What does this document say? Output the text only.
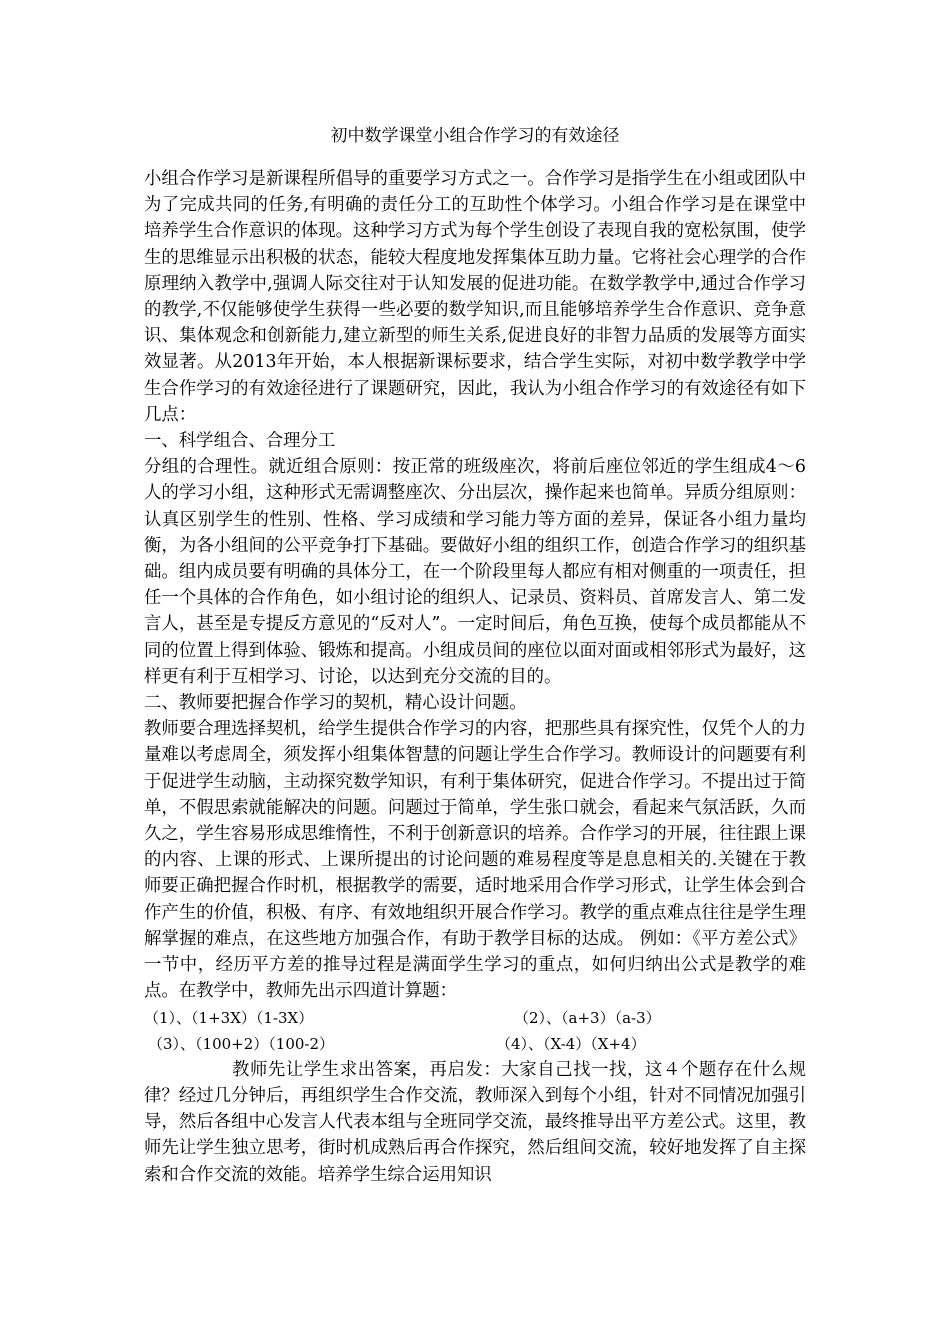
初中数学课堂小组合作学习的有效途径

小组合作学习是新课程所倡导的重要学习方式之一。合作学习是指学生在小组或团队中为了完成共同的任务,有明确的责任分工的互助性个体学习。小组合作学习是在课堂中培养学生合作意识的体现。这种学习方式为每个学生创设了表现自我的宽松氛围，使学生的思维显示出积极的状态，能较大程度地发挥集体互助力量。它将社会心理学的合作原理纳入教学中,强调人际交往对于认知发展的促进功能。在数学教学中,通过合作学习的教学,不仅能够使学生获得一些必要的数学知识,而且能够培养学生合作意识、竞争意识、集体观念和创新能力,建立新型的师生关系,促进良好的非智力品质的发展等方面实效显著。从2013年开始，本人根据新课标要求，结合学生实际，对初中数学教学中学生合作学习的有效途径进行了课题研究，因此，我认为小组合作学习的有效途径有如下几点：

一、科学组合、合理分工

分组的合理性。就近组合原则：按正常的班级座次，将前后座位邻近的学生组成4～6 人的学习小组，这种形式无需调整座次、分出层次，操作起来也简单。异质分组原则：认真区别学生的性别、性格、学习成绩和学习能力等方面的差异，保证各小组力量均衡，为各小组间的公平竞争打下基础。要做好小组的组织工作，创造合作学习的组织基础。组内成员要有明确的具体分工，在一个阶段里每人都应有相对侧重的一项责任，担任一个具体的合作角色，如小组讨论的组织人、记录员、资料员、首席发言人、第二发言人，甚至是专提反方意见的“反对人”。一定时间后，角色互换，使每个成员都能从不同的位置上得到体验、锻炼和提高。小组成员间的座位以面对面或相邻形式为最好，这样更有利于互相学习、讨论，以达到充分交流的目的。

二、教师要把握合作学习的契机，精心设计问题。

教师要合理选择契机，给学生提供合作学习的内容，把那些具有探究性，仅凭个人的力量难以考虑周全，须发挥小组集体智慧的问题让学生合作学习。教师设计的问题要有利于促进学生动脑，主动探究数学知识，有利于集体研究，促进合作学习。不提出过于简单，不假思索就能解决的问题。问题过于简单，学生张口就会，看起来气氛活跃，久而久之，学生容易形成思维惰性，不利于创新意识的培养。合作学习的开展，往往跟上课的内容、上课的形式、上课所提出的讨论问题的难易程度等是息息相关的.关键在于教师要正确把握合作时机，根据教学的需要，适时地采用合作学习形式，让学生体会到合作产生的价值，积极、有序、有效地组织开展合作学习。教学的重点难点往往是学生理解掌握的难点，在这些地方加强合作，有助于教学目标的达成。 例如：《平方差公式》一节中，经历平方差的推导过程是满面学生学习的重点，如何归纳出公式是教学的难点。在教学中，教师先出示四道计算题：

（1）、（1+3X）（1-3X）	（2）、（a+3）（a-3）
（3）、（100+2）（100-2）	（4）、（X-4）（X+4）

教师先让学生求出答案，再启发：大家自己找一找，这４个题存在什么规律？经过几分钟后，再组织学生合作交流，教师深入到每个小组，针对不同情况加强引导，然后各组中心发言人代表本组与全班同学交流，最终推导出平方差公式。这里，教师先让学生独立思考，街时机成熟后再合作探究，然后组间交流，较好地发挥了自主探索和合作交流的效能。培养学生综合运用知识
